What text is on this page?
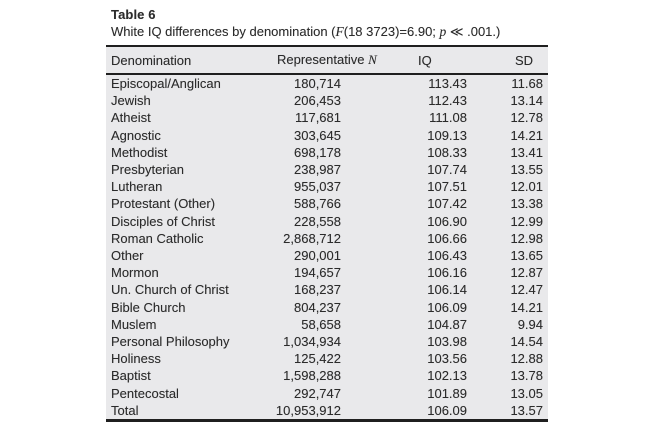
Table 6
White IQ differences by denomination (F(18 3723)=6.90; p ≪ .001.)
Denomination	Representative N	IQ	SD
Episcopal/Anglican	180,714	113.43	11.68
Jewish	206,453	112.43	13.14
Atheist	117,681	111.08	12.78
Agnostic	303,645	109.13	14.21
Methodist	698,178	108.33	13.41
Presbyterian	238,987	107.74	13.55
Lutheran	955,037	107.51	12.01
Protestant (Other)	588,766	107.42	13.38
Disciples of Christ	228,558	106.90	12.99
Roman Catholic	2,868,712	106.66	12.98
Other	290,001	106.43	13.65
Mormon	194,657	106.16	12.87
Un. Church of Christ	168,237	106.14	12.47
Bible Church	804,237	106.09	14.21
Muslem	58,658	104.87	9.94
Personal Philosophy	1,034,934	103.98	14.54
Holiness	125,422	103.56	12.88
Baptist	1,598,288	102.13	13.78
Pentecostal	292,747	101.89	13.05
Total	10,953,912	106.09	13.57
